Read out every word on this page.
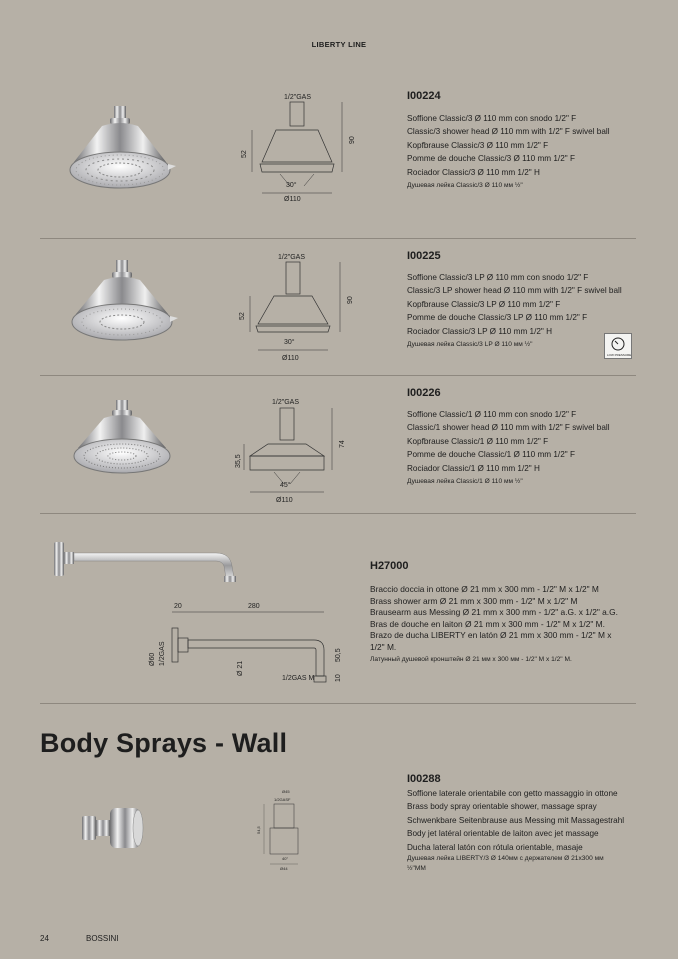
LIBERTY LINE
1/2"GAS
52
90
30°
Ø110
I00224
Soffione Classic/3 Ø 110 mm con snodo 1/2" F
Classic/3 shower head Ø 110 mm with 1/2" F swivel ball
Kopfbrause Classic/3 Ø 110 mm 1/2" F
Pomme de douche Classic/3 Ø 110 mm 1/2" F
Rociador Classic/3 Ø 110 mm 1/2" H
Душевая лейка Classic/3 Ø 110 мм ½"
1/2"GAS
52
90
30°
Ø110
I00225
Soffione Classic/3 LP Ø 110 mm con snodo 1/2" F
Classic/3 LP shower head Ø 110 mm with 1/2" F swivel ball
Kopfbrause Classic/3 LP Ø 110 mm 1/2" F
Pomme de douche Classic/3 LP Ø 110 mm 1/2" F
Rociador Classic/3 LP Ø 110 mm 1/2" H
Душевая лейка Classic/3 LP Ø 110 мм ½"
LOW PRESSURE
1/2"GAS
35,5
74
45°
Ø110
I00226
Soffione Classic/1 Ø 110 mm con snodo 1/2" F
Classic/1 shower head Ø 110 mm with 1/2" F swivel ball
Kopfbrause Classic/1 Ø 110 mm 1/2" F
Pomme de douche Classic/1 Ø 110 mm 1/2" F
Rociador Classic/1 Ø 110 mm 1/2" H
Душевая лейка Classic/1 Ø 110 мм ½"
20	280
Ø60 1/2GAS
Ø 21
50,5
1/2GAS M	10
H27000
Braccio doccia in ottone Ø 21 mm x 300 mm - 1/2" M x 1/2" M
Brass shower arm Ø 21 mm x 300 mm - 1/2" M x 1/2" M
Brausearm aus Messing Ø 21 mm x 300 mm - 1/2" a.G. x 1/2" a.G.
Bras de douche en laiton Ø 21 mm x 300 mm - 1/2" M x 1/2" M.
Brazo de ducha LIBERTY en latón Ø 21 mm x 300 mm - 1/2" M x
1/2" M.
Латунный душевой кронштейн Ø 21 мм х 300 мм - 1/2" М х 1/2" М.
Body Sprays - Wall
Ø45
1/2GASF
54,5
40°
Ø44
I00288
Soffione laterale orientabile con getto massaggio in ottone
Brass body spray orientable shower, massage spray
Schwenkbare Seitenbrause aus Messing mit Massagestrahl
Body jet latéral orientable de laiton avec jet massage
Ducha lateral latón con rótula orientable, masaje
Душевая лейка LIBERTY/3 Ø 140мм с держателем Ø 21х300 мм
½"ММ
24	BOSSINI
